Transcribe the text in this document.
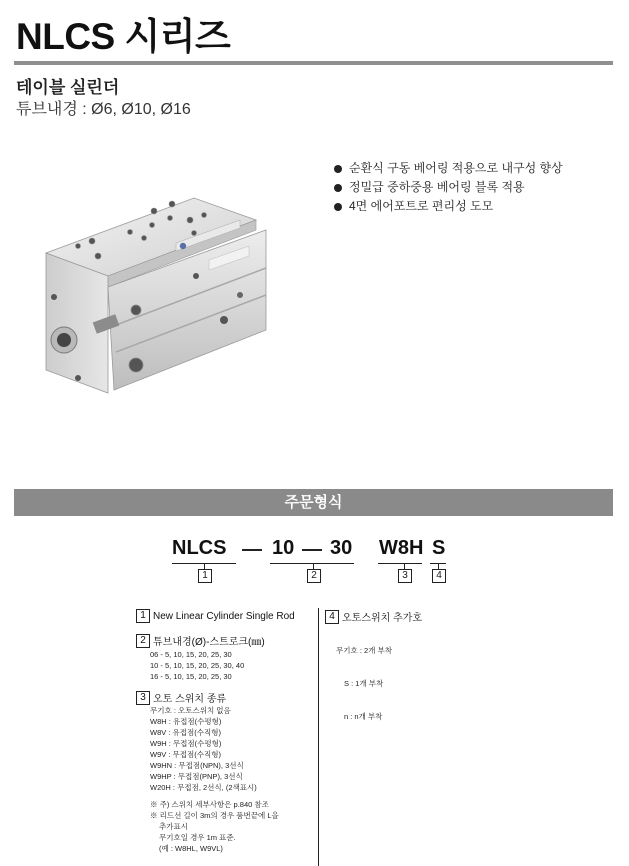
NLCS 시리즈
테이블 실린더
튜브내경 : Ø6, Ø10, Ø16
순환식 구동 베어링 적용으로 내구성 향상
정밀급 중하중용 베어링 블록 적용
4면 에어포트로 편리성 도모
주문형식
NLCS 10 30 W8H S
1	2	3	4
1 New Linear Cylinder Single Rod
2 튜브내경(Ø)-스트로크(㎜)
06 - 5, 10, 15, 20, 25, 30
10 - 5, 10, 15, 20, 25, 30, 40
16 - 5, 10, 15, 20, 25, 30
3 오토 스위치 종류
무기호 : 오토스위치 없음
W8H : 유접점(수평형)
W8V : 유접점(수직형)
W9H : 무접점(수평형)
W9V : 무접점(수직형)
W9HN : 무접점(NPN), 3선식
W9HP : 무접점(PNP), 3선식
W20H : 무접점, 2선식, (2색표시)
※ 주) 스위치 세부사항은 p.840 참조
※ 리드선 길이 3m의 경우 품번끝에 L을
추가표시
무기호일 경우 1m 표준.
(예 : W8HL, W9VL)
4 오토스위치 추가호

무기호 : 2개 부착

S : 1개 부착

n : n개 부착
